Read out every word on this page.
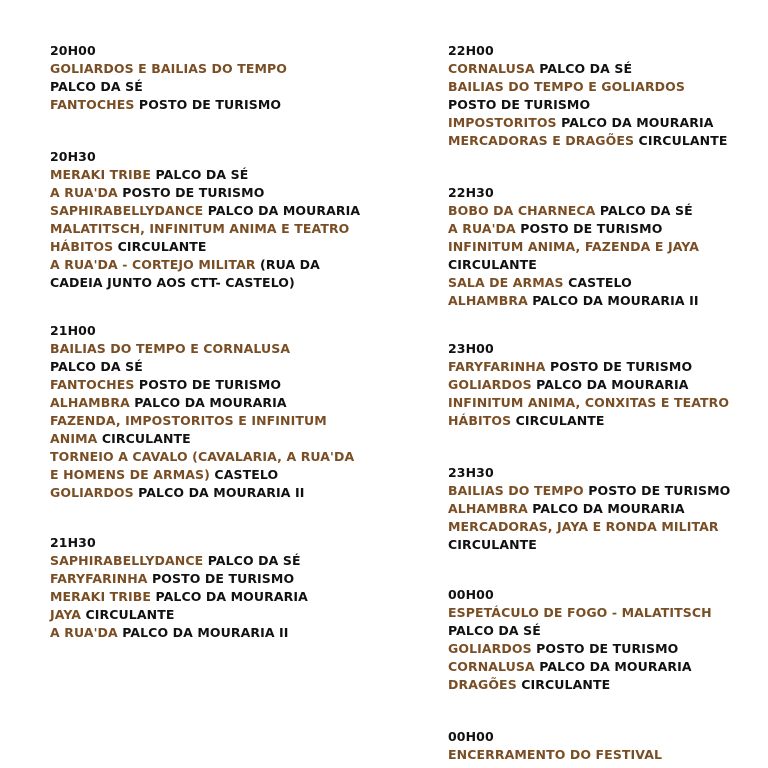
20H00
GOLIARDOS E BAILIAS DO TEMPO
PALCO DA SÉ
FANTOCHES POSTO DE TURISMO
20H30
MERAKI TRIBE PALCO DA SÉ
A RUA'DA POSTO DE TURISMO
SAPHIRABELLYDANCE PALCO DA MOURARIA
MALATITSCH, INFINITUM ANIMA E TEATRO
HÁBITOS CIRCULANTE
A RUA'DA - CORTEJO MILITAR (RUA DA
CADEIA JUNTO AOS CTT- CASTELO)
21H00
BAILIAS DO TEMPO E CORNALUSA
PALCO DA SÉ
FANTOCHES POSTO DE TURISMO
ALHAMBRA PALCO DA MOURARIA
FAZENDA, IMPOSTORITOS E INFINITUM
ANIMA CIRCULANTE
TORNEIO A CAVALO (CAVALARIA, A RUA'DA
E HOMENS DE ARMAS) CASTELO
GOLIARDOS PALCO DA MOURARIA II
21H30
SAPHIRABELLYDANCE PALCO DA SÉ
FARYFARINHA POSTO DE TURISMO
MERAKI TRIBE PALCO DA MOURARIA
JAYA CIRCULANTE
A RUA'DA PALCO DA MOURARIA II
22H00
CORNALUSA PALCO DA SÉ
BAILIAS DO TEMPO E GOLIARDOS
POSTO DE TURISMO
IMPOSTORITOS PALCO DA MOURARIA
MERCADORAS E DRAGÕES CIRCULANTE
22H30
BOBO DA CHARNECA PALCO DA SÉ
A RUA'DA POSTO DE TURISMO
INFINITUM ANIMA, FAZENDA E JAYA
CIRCULANTE
SALA DE ARMAS CASTELO
ALHAMBRA PALCO DA MOURARIA II
23H00
FARYFARINHA POSTO DE TURISMO
GOLIARDOS PALCO DA MOURARIA
INFINITUM ANIMA, CONXITAS E TEATRO
HÁBITOS CIRCULANTE
23H30
BAILIAS DO TEMPO POSTO DE TURISMO
ALHAMBRA PALCO DA MOURARIA
MERCADORAS, JAYA E RONDA MILITAR
CIRCULANTE
00H00
ESPETÁCULO DE FOGO - MALATITSCH
PALCO DA SÉ
GOLIARDOS POSTO DE TURISMO
CORNALUSA PALCO DA MOURARIA
DRAGÕES CIRCULANTE
00H00
ENCERRAMENTO DO FESTIVAL
